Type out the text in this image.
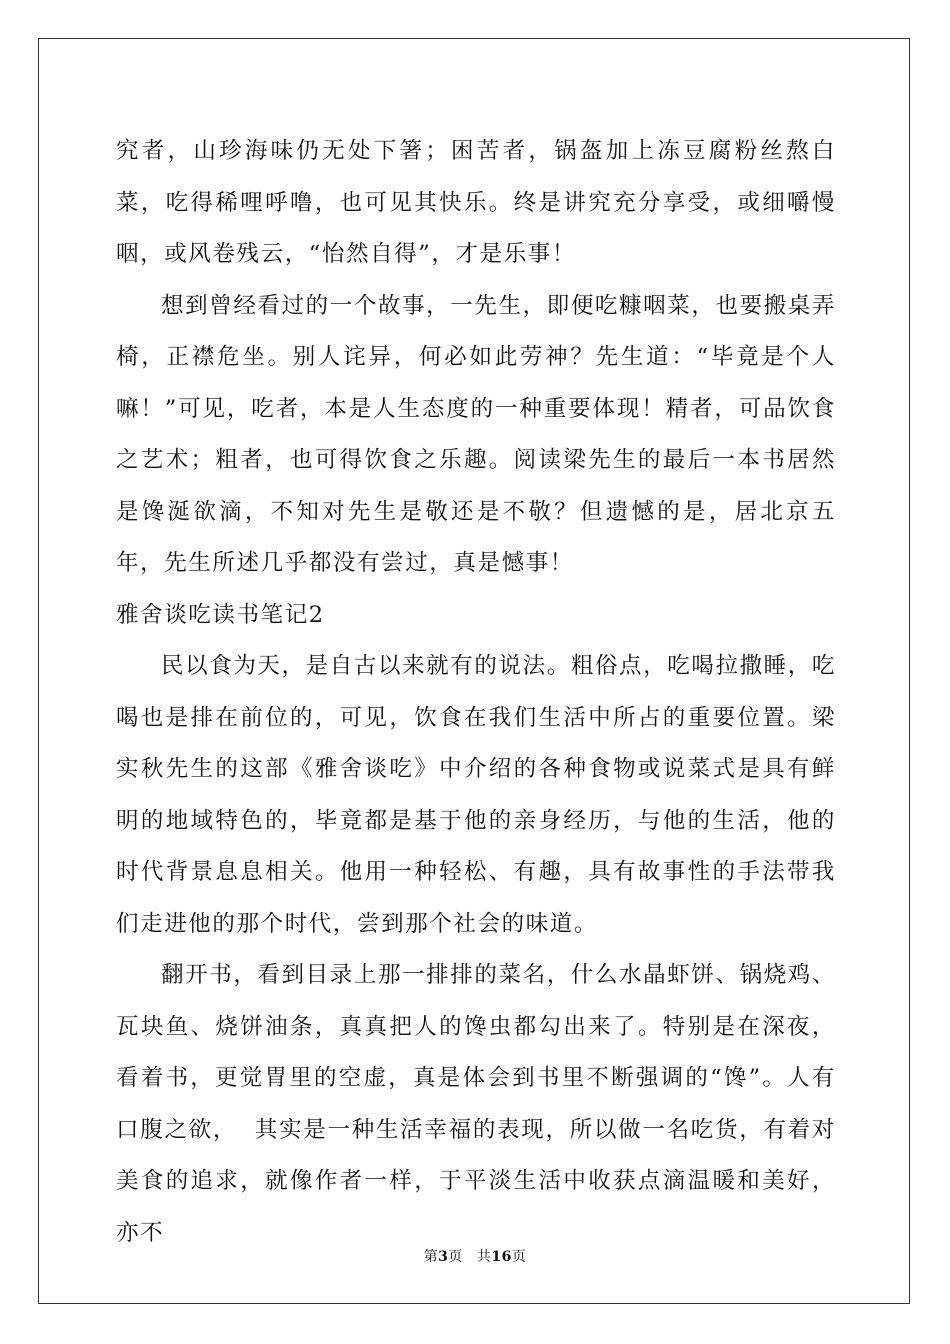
究者，山珍海味仍无处下箸；困苦者，锅盔加上冻豆腐粉丝熬白菜，吃得稀哩呼噜，也可见其快乐。终是讲究充分享受，或细嚼慢咽，或风卷残云，“怡然自得”，才是乐事！

想到曾经看过的一个故事，一先生，即便吃糠咽菜，也要搬桌弄椅，正襟危坐。别人诧异，何必如此劳神？先生道：“毕竟是个人嘛！”可见，吃者，本是人生态度的一种重要体现！精者，可品饮食之艺术；粗者，也可得饮食之乐趣。阅读梁先生的最后一本书居然是馋涎欲滴，不知对先生是敬还是不敬？但遗憾的是，居北京五年，先生所述几乎都没有尝过，真是憾事！

雅舍谈吃读书笔记2

民以食为天，是自古以来就有的说法。粗俗点，吃喝拉撒睡，吃喝也是排在前位的，可见，饮食在我们生活中所占的重要位置。梁实秋先生的这部《雅舍谈吃》中介绍的各种食物或说菜式是具有鲜明的地域特色的，毕竟都是基于他的亲身经历，与他的生活，他的时代背景息息相关。他用一种轻松、有趣，具有故事性的手法带我们走进他的那个时代，尝到那个社会的味道。

翻开书，看到目录上那一排排的菜名，什么水晶虾饼、锅烧鸡、瓦块鱼、烧饼油条，真真把人的馋虫都勾出来了。特别是在深夜，看着书，更觉胃里的空虚，真是体会到书里不断强调的“馋”。人有口腹之欲，  其实是一种生活幸福的表现，所以做一名吃货，有着对美食的追求，就像作者一样，于平淡生活中收获点滴温暖和美好，亦不

第3页 共16页
